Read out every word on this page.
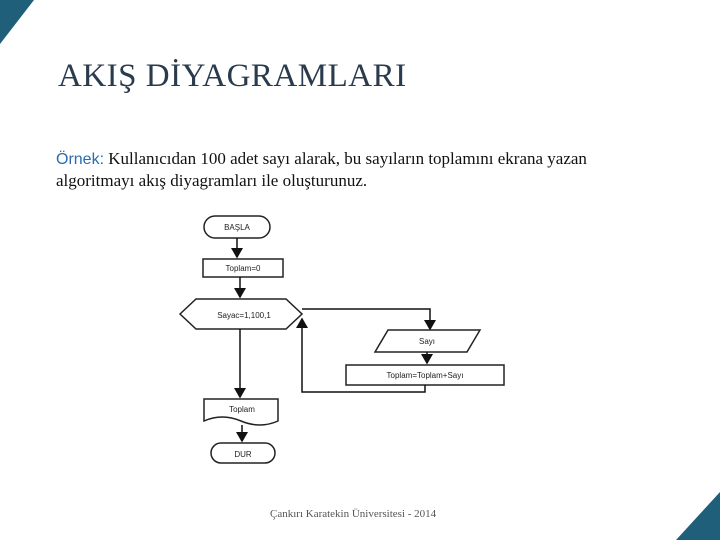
AKIŞ DİYAGRAMLARI
Örnek: Kullanıcıdan 100 adet sayı alarak, bu sayıların toplamını ekrana yazan algoritmayı akış diyagramları ile oluşturunuz.
BAŞLA
Toplam=0
Sayac=1,100,1
Sayı
Toplam=Toplam+Sayı
Toplam
DUR
Çankırı Karatekin Üniversitesi - 2014
